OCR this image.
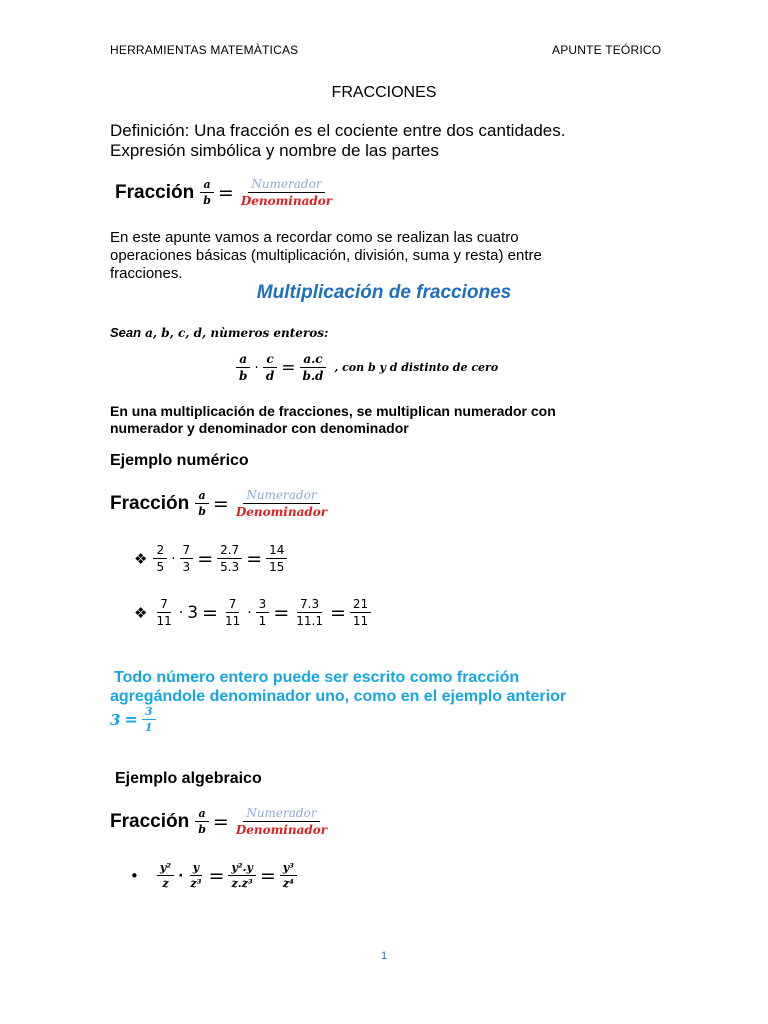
HERRAMIENTAS MATEMÀTICAS	APUNTE TEÓRICO
FRACCIONES
Definición: Una fracción es el cociente entre dos cantidades.
Expresión simbólica y nombre de las partes
Fracción $\frac{a}{b} = \frac{\text{Numerador}}{\text{Denominador}}$
En este apunte vamos a recordar como se realizan las cuatro
operaciones básicas (multiplicación, división, suma y resta) entre
fracciones.
Multiplicación de fracciones
Sean a, b, c, d, nùmeros enteros:
$\frac{a}{b} \cdot \frac{c}{d} = \frac{a.c}{b.d}$ , con b y d distinto de cero
En una multiplicación de fracciones, se multiplican numerador con
numerador y denominador con denominador
Ejemplo numérico
Fracción $\frac{a}{b} = \frac{\text{Numerador}}{\text{Denominador}}$
❖ $\frac{2}{5} \cdot \frac{7}{3} = \frac{2.7}{5.3} = \frac{14}{15}$
❖ $\frac{7}{11} \cdot 3 = \frac{7}{11} \cdot \frac{3}{1} = \frac{7.3}{11.1} = \frac{21}{11}$
Todo número entero puede ser escrito como fracción
agregándole denominador uno, como en el ejemplo anterior
$3 = \frac{3}{1}$
Ejemplo algebraico
Fracción $\frac{a}{b} = \frac{\text{Numerador}}{\text{Denominador}}$
• $\frac{\text{y²}}{z} \cdot \frac{y}{\text{z³}} = \frac{\text{y².y}}{\text{z.z³}} = \frac{\text{y³}}{\text{z⁴}}$
1
